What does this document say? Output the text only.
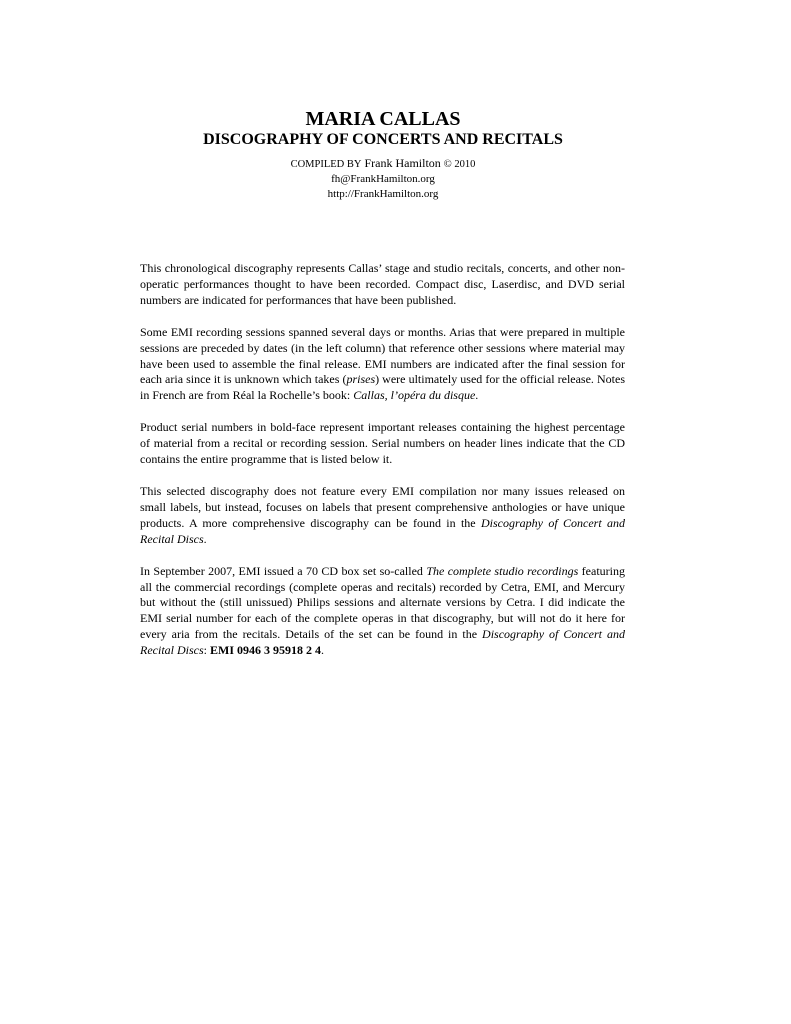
MARIA CALLAS
DISCOGRAPHY OF CONCERTS AND RECITALS
COMPILED BY Frank Hamilton © 2010
fh@FrankHamilton.org
http://FrankHamilton.org

This chronological discography represents Callas’ stage and studio recitals, concerts, and other non-operatic performances thought to have been recorded. Compact disc, Laserdisc, and DVD serial numbers are indicated for performances that have been published.

Some EMI recording sessions spanned several days or months. Arias that were prepared in multiple sessions are preceded by dates (in the left column) that reference other sessions where material may have been used to assemble the final release. EMI numbers are indicated after the final session for each aria since it is unknown which takes (prises) were ultimately used for the official release. Notes in French are from Réal la Rochelle’s book: Callas, l’opéra du disque.

Product serial numbers in bold-face represent important releases containing the highest percentage of material from a recital or recording session. Serial numbers on header lines indicate that the CD contains the entire programme that is listed below it.

This selected discography does not feature every EMI compilation nor many issues released on small labels, but instead, focuses on labels that present comprehensive anthologies or have unique products. A more comprehensive discography can be found in the Discography of Concert and Recital Discs.

In September 2007, EMI issued a 70 CD box set so-called The complete studio recordings featuring all the commercial recordings (complete operas and recitals) recorded by Cetra, EMI, and Mercury but without the (still unissued) Philips sessions and alternate versions by Cetra. I did indicate the EMI serial number for each of the complete operas in that discography, but will not do it here for every aria from the recitals. Details of the set can be found in the Discography of Concert and Recital Discs: EMI 0946 3 95918 2 4.
